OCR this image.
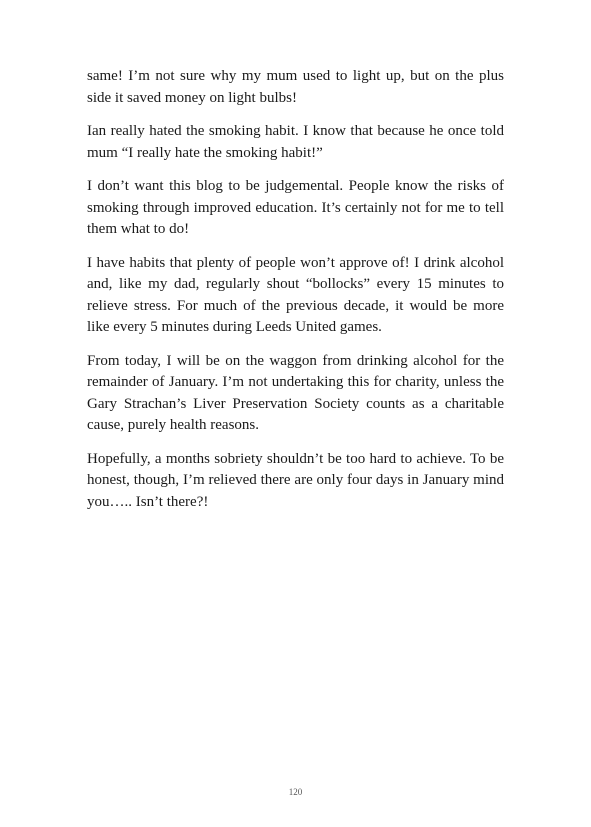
same! I’m not sure why my mum used to light up, but on the plus side it saved money on light bulbs!

Ian really hated the smoking habit. I know that because he once told mum “I really hate the smoking habit!”

I don’t want this blog to be judgemental. People know the risks of smoking through improved education. It’s certainly not for me to tell them what to do!

I have habits that plenty of people won’t approve of! I drink alcohol and, like my dad, regularly shout “bollocks” every 15 minutes to relieve stress. For much of the previous decade, it would be more like every 5 minutes during Leeds United games.

From today, I will be on the waggon from drinking alcohol for the remainder of January. I’m not undertaking this for charity, unless the Gary Strachan’s Liver Preservation Society counts as a charitable cause, purely health reasons.

Hopefully, a months sobriety shouldn’t be too hard to achieve. To be honest, though, I’m relieved there are only four days in January mind you….. Isn’t there?!

120
